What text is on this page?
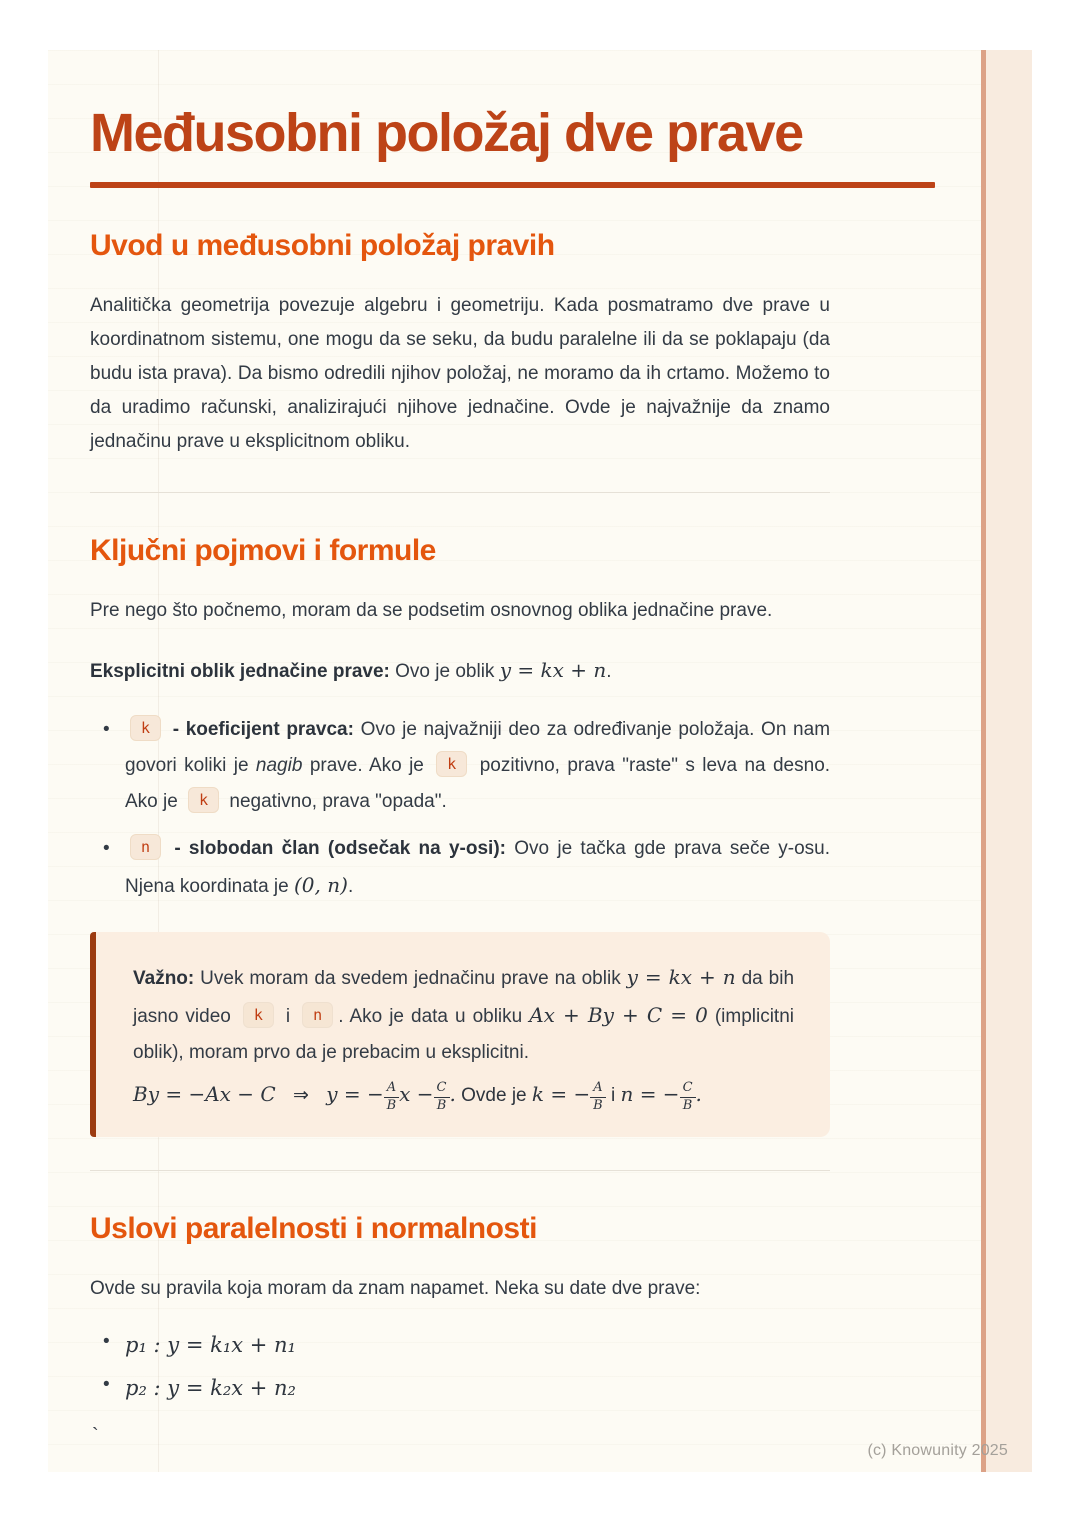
Međusobni položaj dve prave
Uvod u međusobni položaj pravih

Analitička geometrija povezuje algebru i geometriju. Kada posmatramo dve prave u koordinatnom sistemu, one mogu da se seku, da budu paralelne ili da se poklapaju (da budu ista prava). Da bismo odredili njihov položaj, ne moramo da ih crtamo. Možemo to da uradimo računski, analizirajući njihove jednačine. Ovde je najvažnije da znamo jednačinu prave u eksplicitnom obliku.

Ključni pojmovi i formule

Pre nego što počnemo, moram da se podsetim osnovnog oblika jednačine prave.

Eksplicitni oblik jednačine prave: Ovo je oblik y = kx + n.

•	k - koeficijent pravca: Ovo je najvažniji deo za određivanje položaja. On nam govori koliki je nagib prave. Ako je k pozitivno, prava "raste" s leva na desno. Ako je k negativno, prava "opada".
•	n - slobodan član (odsečak na y-osi): Ovo je tačka gde prava seče y-osu. Njena koordinata je (0, n).
Važno: Uvek moram da svedem jednačinu prave na oblik y = kx + n da bih jasno video k i n . Ako je data u obliku Ax + By + C = 0 (implicitni oblik), moram prvo da je prebacim u eksplicitni.
By = −Ax − C ⇒ y = − $\frac{A}{B}$ $x - \frac{C}{B}$ . Ovde je k = − $\frac{A}{B}$ i n = − $\frac{C}{B}$ .
Uslovi paralelnosti i normalnosti

Ovde su pravila koja moram da znam napamet. Neka su date dve prave:

• p₁ : y = k₁x + n₁
• p₂ : y = k₂x + n₂
`
(c) Knowunity 2025
